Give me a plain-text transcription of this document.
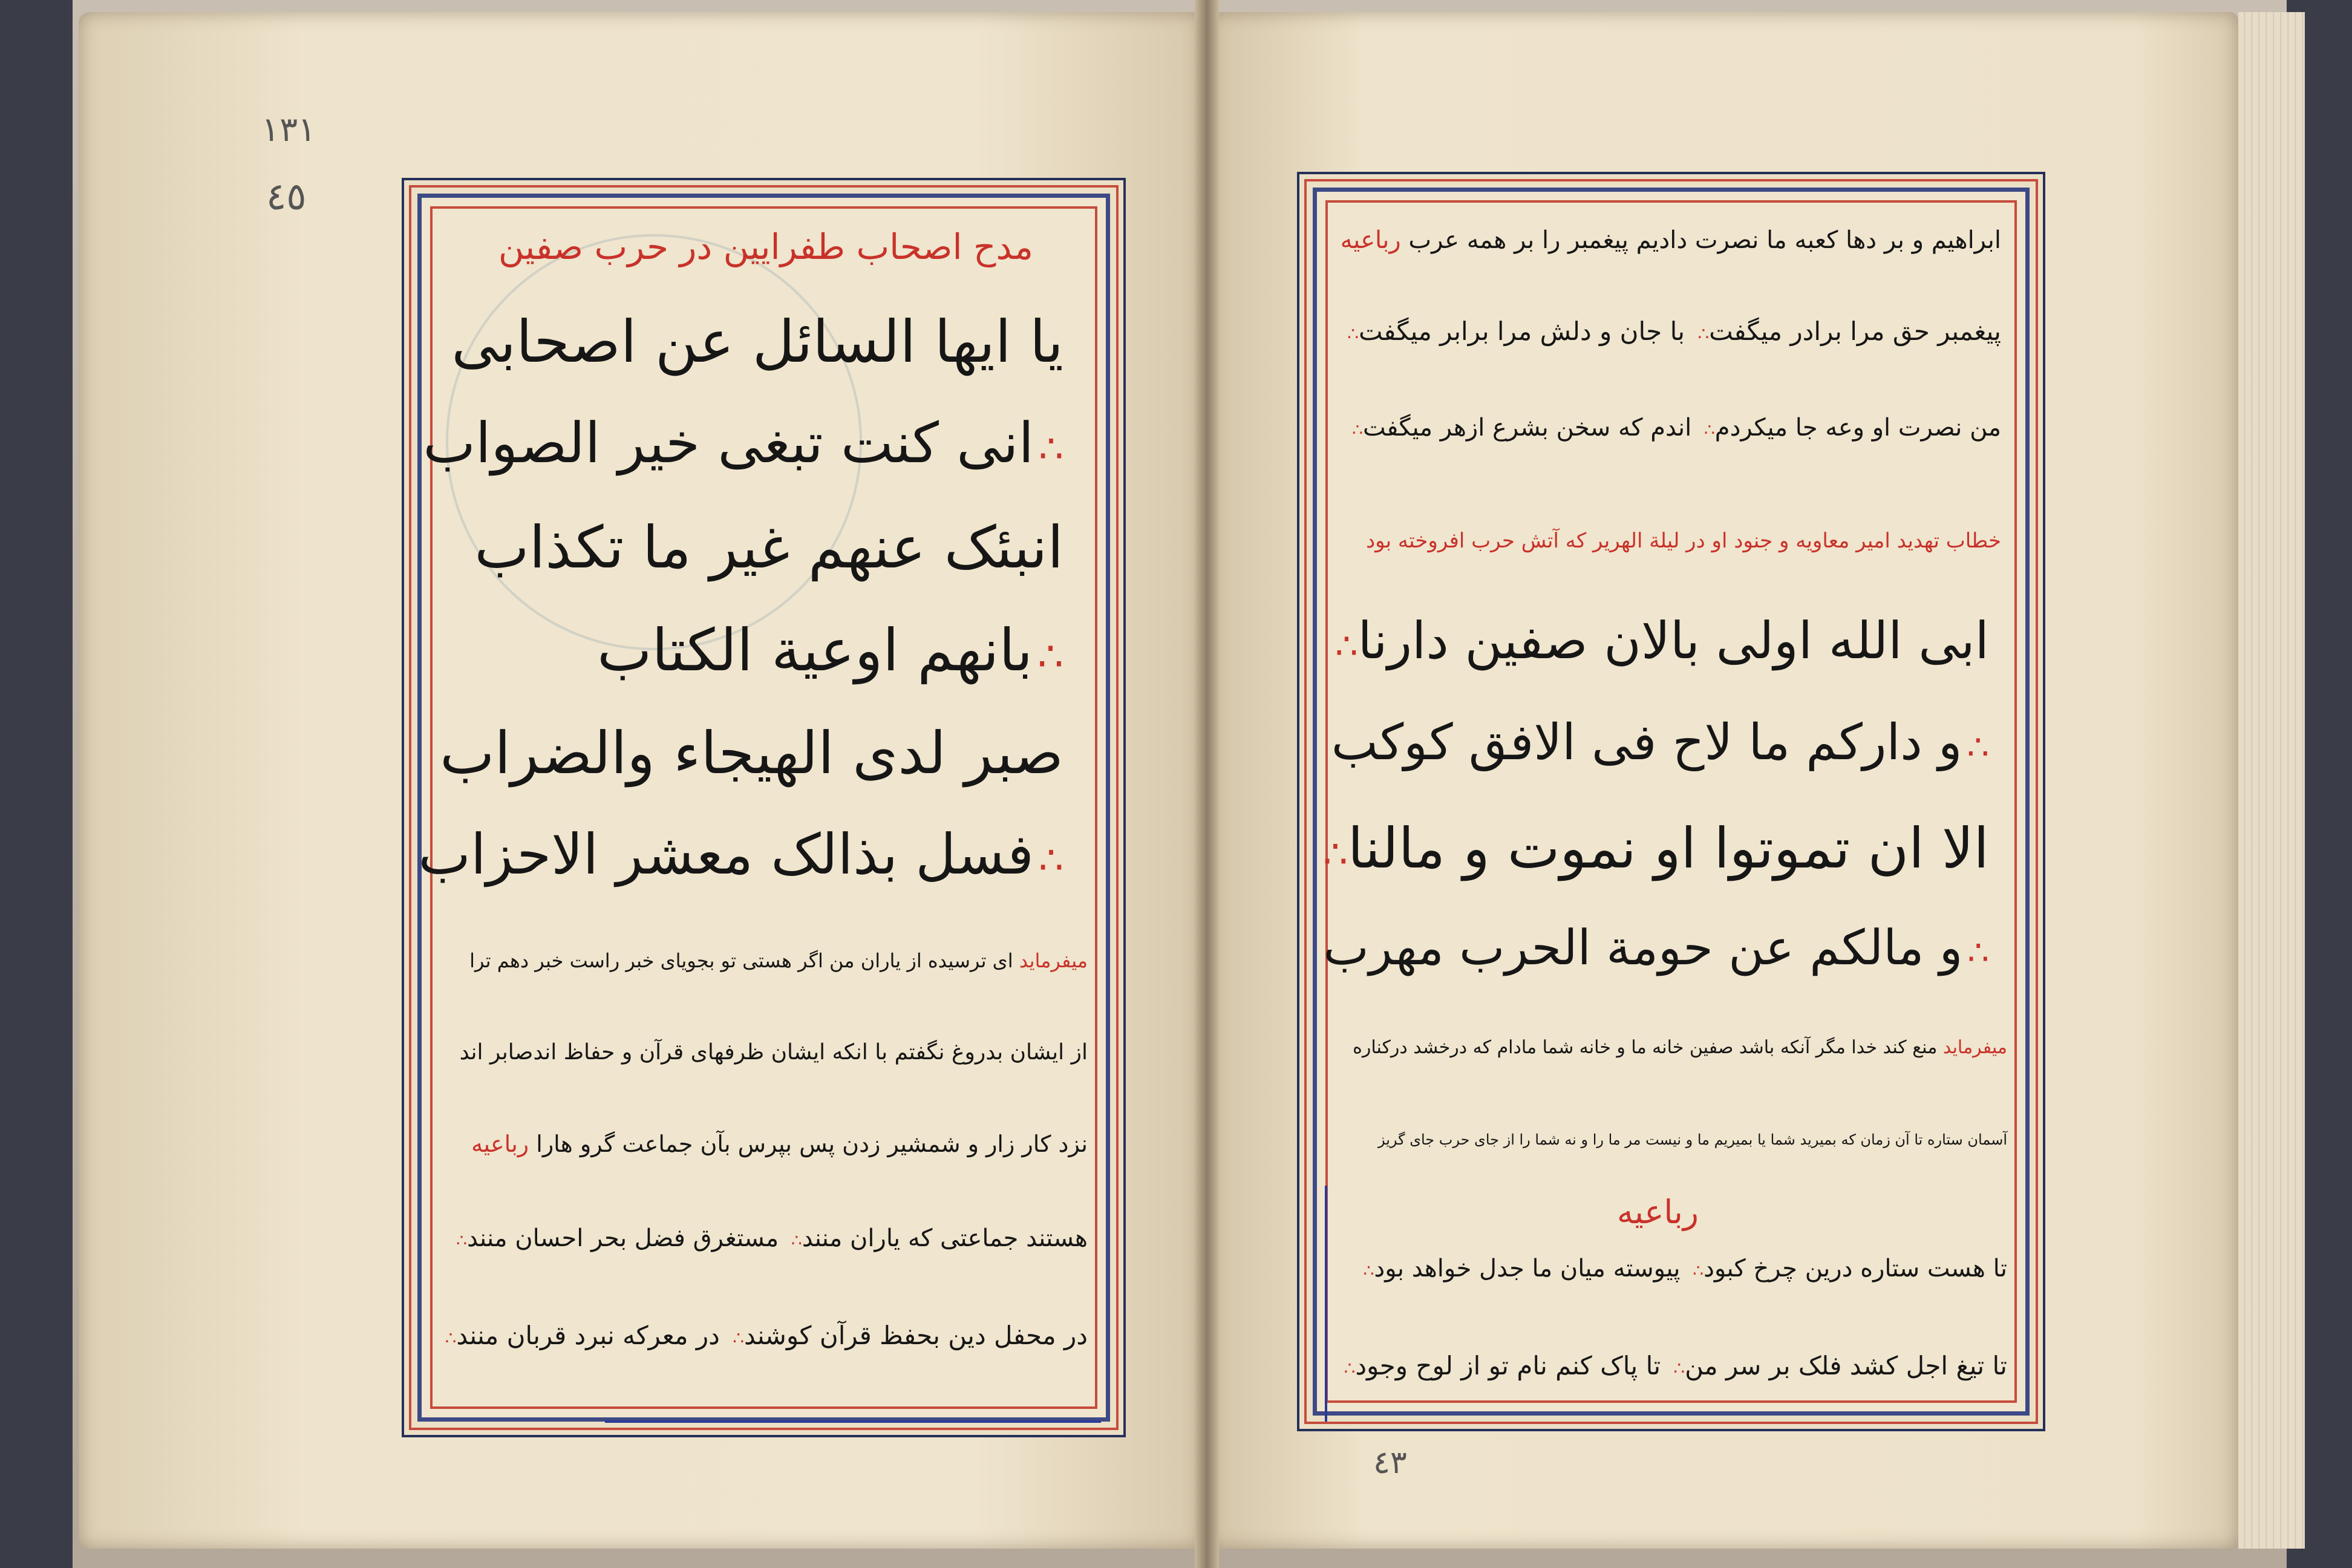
١٣١
٤٥
٤٣
مدح اصحاب طفرایین در حرب صفین
یا ایها السائل عن اصحابی
∴انی کنت تبغی خیر الصواب
انبئک عنهم غیر ما تکذاب
∴بانهم اوعیة الکتاب
صبر لدی الهیجاء والضراب
∴فسل بذالک معشر الاحزاب
میفرماید ای ترسیده از یاران من اگر هستی تو بجویای خبر راست خبر دهم ترا
از ایشان بدروغ نگفتم با انکه ایشان ظرفهای قرآن و حفاظ اندصابر اند
نزد کار زار و شمشیر زدن پس بپرس بآن جماعت گرو هارا رباعیه
هستند جماعتی که یاران منند∴ مستغرق فضل بحر احسان منند∴
در محفل دین بحفظ قرآن کوشند∴ در معرکه نبرد قربان منند∴
ابراهیم و بر دها کعبه ما نصرت دادیم پیغمبر را بر همه عرب رباعیه
پیغمبر حق مرا برادر میگفت∴ با جان و دلش مرا برابر میگفت∴
من نصرت او وعه جا میکردم∴ اندم که سخن بشرع ازهر میگفت∴
خطاب تهدید امیر معاویه و جنود او در لیلة الهریر که آتش حرب افروخته بود
ابی الله اولی بالان صفین دارنا∴
∴و دارکم ما لاح فی الافق کوکب
الا ان تموتوا او نموت و مالنا∴
∴و مالکم عن حومة الحرب مهرب
میفرماید منع کند خدا مگر آنکه باشد صفین خانه ما و خانه شما مادام که درخشد درکناره
آسمان ستاره تا آن زمان که بمیرید شما یا بمیریم ما و نیست مر ما را و نه شما را از جای حرب جای گریز
رباعیه
تا هست ستاره درین چرخ کبود∴ پیوسته میان ما جدل خواهد بود∴
تا تیغ اجل کشد فلک بر سر من∴ تا پاک کنم نام تو از لوح وجود∴
